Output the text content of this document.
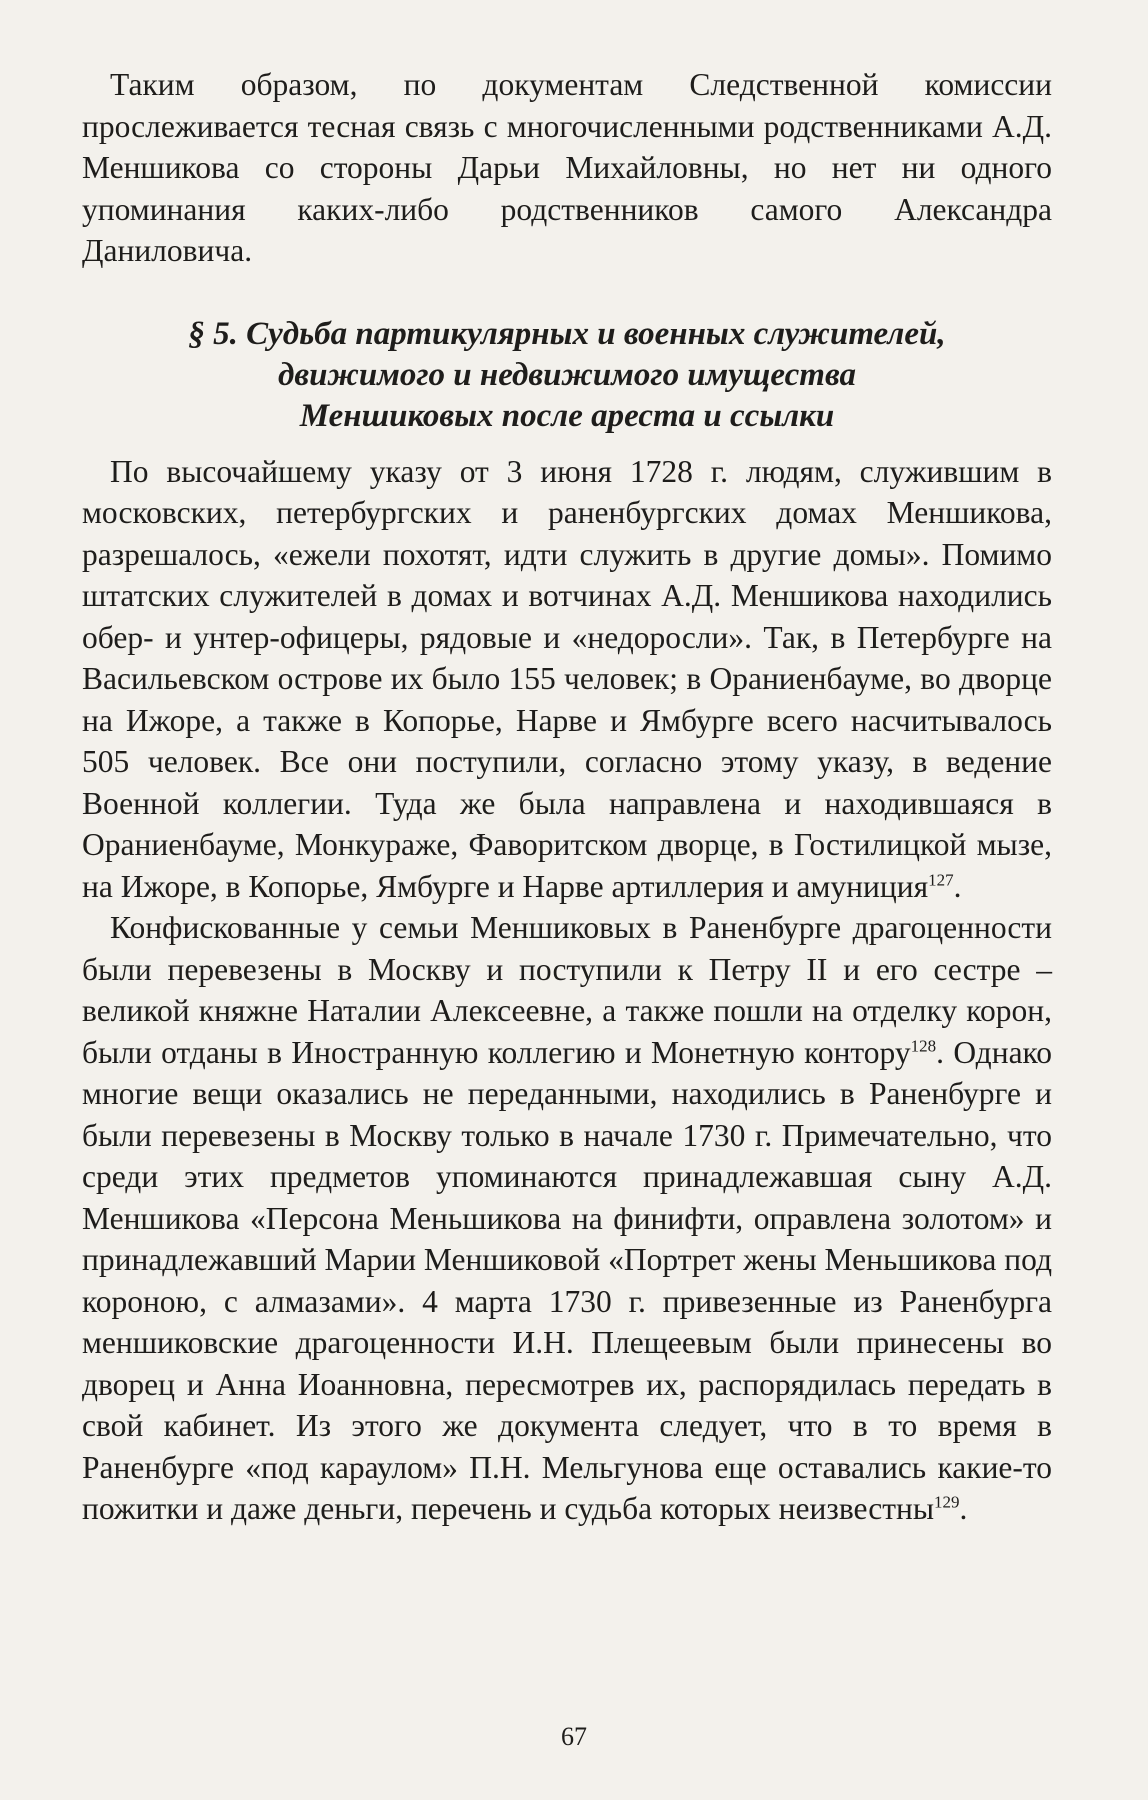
Таким образом, по документам Следственной комиссии прослеживается тесная связь с многочисленными родственниками А.Д. Меншикова со стороны Дарьи Михайловны, но нет ни одного упоминания каких-либо родственников самого Александра Даниловича.

§ 5. Судьба партикулярных и военных служителей,
движимого и недвижимого имущества
Меншиковых после ареста и ссылки

По высочайшему указу от 3 июня 1728 г. людям, служившим в московских, петербургских и раненбургских домах Меншикова, разрешалось, «ежели похотят, идти служить в другие домы». Помимо штатских служителей в домах и вотчинах А.Д. Меншикова находились обер- и унтер-офицеры, рядовые и «недоросли». Так, в Петербурге на Васильевском острове их было 155 человек; в Ораниенбауме, во дворце на Ижоре, а также в Копорье, Нарве и Ямбурге всего насчитывалось 505 человек. Все они поступили, согласно этому указу, в ведение Военной коллегии. Туда же была направлена и находившаяся в Ораниенбауме, Монкураже, Фаворитском дворце, в Гостилицкой мызе, на Ижоре, в Копорье, Ямбурге и Нарве артиллерия и амуниция$^{127}$.

Конфискованные у семьи Меншиковых в Раненбурге драгоценности были перевезены в Москву и поступили к Петру II и его сестре – великой княжне Наталии Алексеевне, а также пошли на отделку корон, были отданы в Иностранную коллегию и Монетную контору$^{128}$. Однако многие вещи оказались не переданными, находились в Раненбурге и были перевезены в Москву только в начале 1730 г. Примечательно, что среди этих предметов упоминаются принадлежавшая сыну А.Д. Меншикова «Персона Меньшикова на финифти, оправлена золотом» и принадлежавший Марии Меншиковой «Портрет жены Меньшикова под короною, с алмазами». 4 марта 1730 г. привезенные из Раненбурга меншиковские драгоценности И.Н. Плещеевым были принесены во дворец и Анна Иоанновна, пересмотрев их, распорядилась передать в свой кабинет. Из этого же документа следует, что в то время в Раненбурге «под караулом» П.Н. Мельгунова еще оставались какие-то пожитки и даже деньги, перечень и судьба которых неизвестны$^{129}$.

67
